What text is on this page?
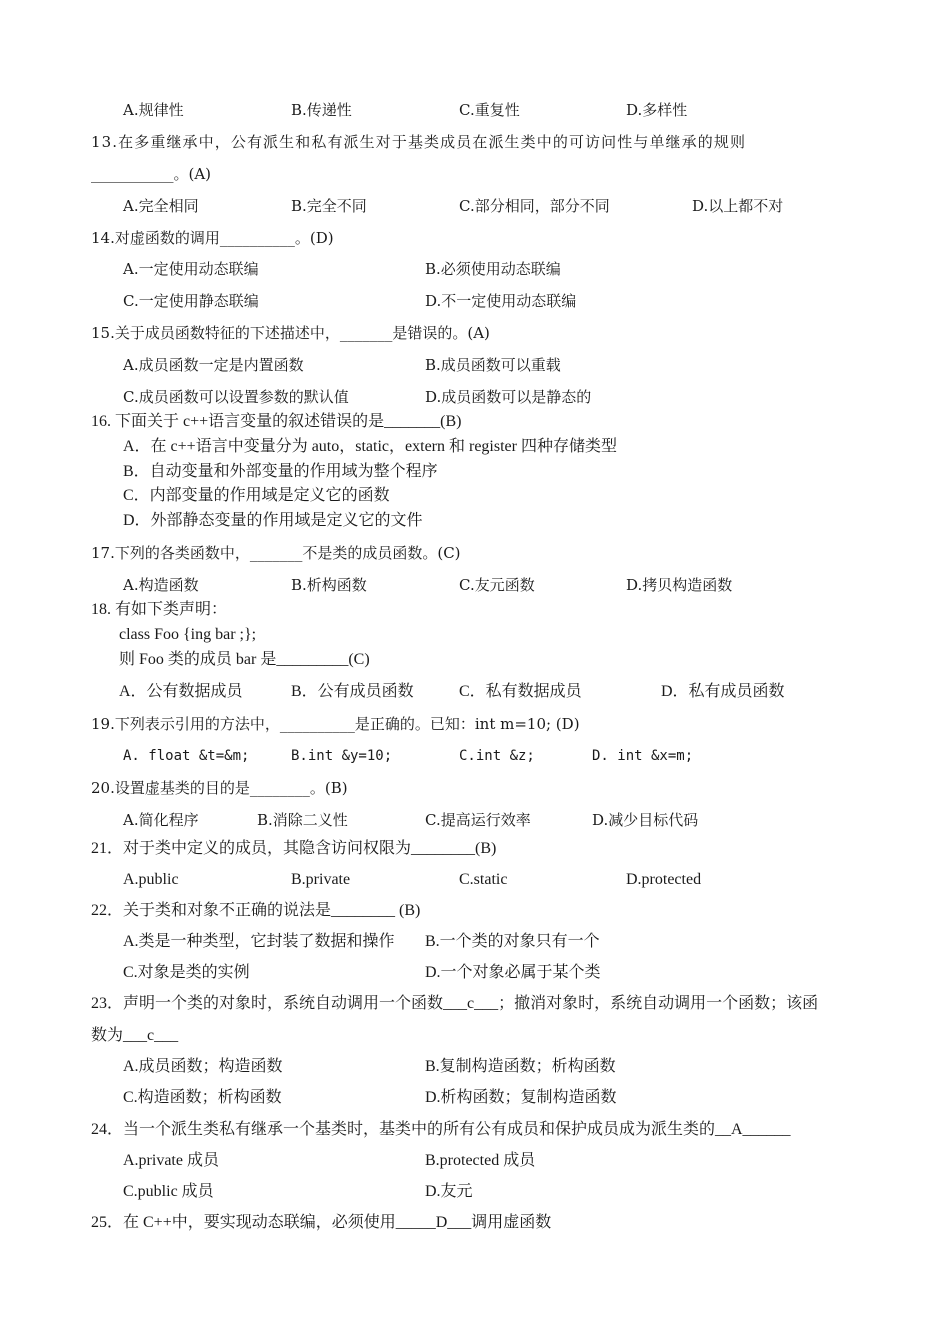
A.规律性	B.传递性	C.重复性	D.多样性
13.在多重继承中，公有派生和私有派生对于基类成员在派生类中的可访问性与单继承的规则
___________。(A)
A.完全相同	B.完全不同	C.部分相同，部分不同	D.以上都不对
14.对虚函数的调用__________。(D)
A.一定使用动态联编	B.必须使用动态联编
C.一定使用静态联编	D.不一定使用动态联编
15.关于成员函数特征的下述描述中，_______是错误的。(A)
A.成员函数一定是内置函数	B.成员函数可以重载
C.成员函数可以设置参数的默认值	D.成员函数可以是静态的
16. 下面关于 c++语言变量的叙述错误的是_______(B)
A．在 c++语言中变量分为 auto，static，extern 和 register 四种存储类型
B．自动变量和外部变量的作用域为整个程序
C．内部变量的作用域是定义它的函数
D．外部静态变量的作用域是定义它的文件
17.下列的各类函数中，_______不是类的成员函数。(C)
A.构造函数	B.析构函数	C.友元函数	D.拷贝构造函数
18. 有如下类声明：
class Foo {ing bar ;};
则 Foo 类的成员 bar 是_________(C)
A．公有数据成员	B．公有成员函数	C．私有数据成员	D．私有成员函数
19.下列表示引用的方法中，__________是正确的。已知：int m=10; (D)
A. float &t=&m;	B.int &y=10;	C.int &z;	D. int &x=m;
20.设置虚基类的目的是________。(B)
A.简化程序	B.消除二义性	C.提高运行效率	D.减少目标代码
21．对于类中定义的成员，其隐含访问权限为________(B)
A.public	B.private	C.static	D.protected
22．关于类和对象不正确的说法是________ (B)
A.类是一种类型，它封装了数据和操作 B.一个类的对象只有一个
C.对象是类的实例	D.一个对象必属于某个类
23．声明一个类的对象时，系统自动调用一个函数___c___；撤消对象时，系统自动调用一个函数；该函
数为___c___
A.成员函数；构造函数	B.复制构造函数；析构函数
C.构造函数；析构函数	D.析构函数；复制构造函数
24．当一个派生类私有继承一个基类时，基类中的所有公有成员和保护成员成为派生类的__A______
A.private 成员	B.protected 成员
C.public 成员	D.友元
25．在 C++中，要实现动态联编，必须使用_____D___调用虚函数
